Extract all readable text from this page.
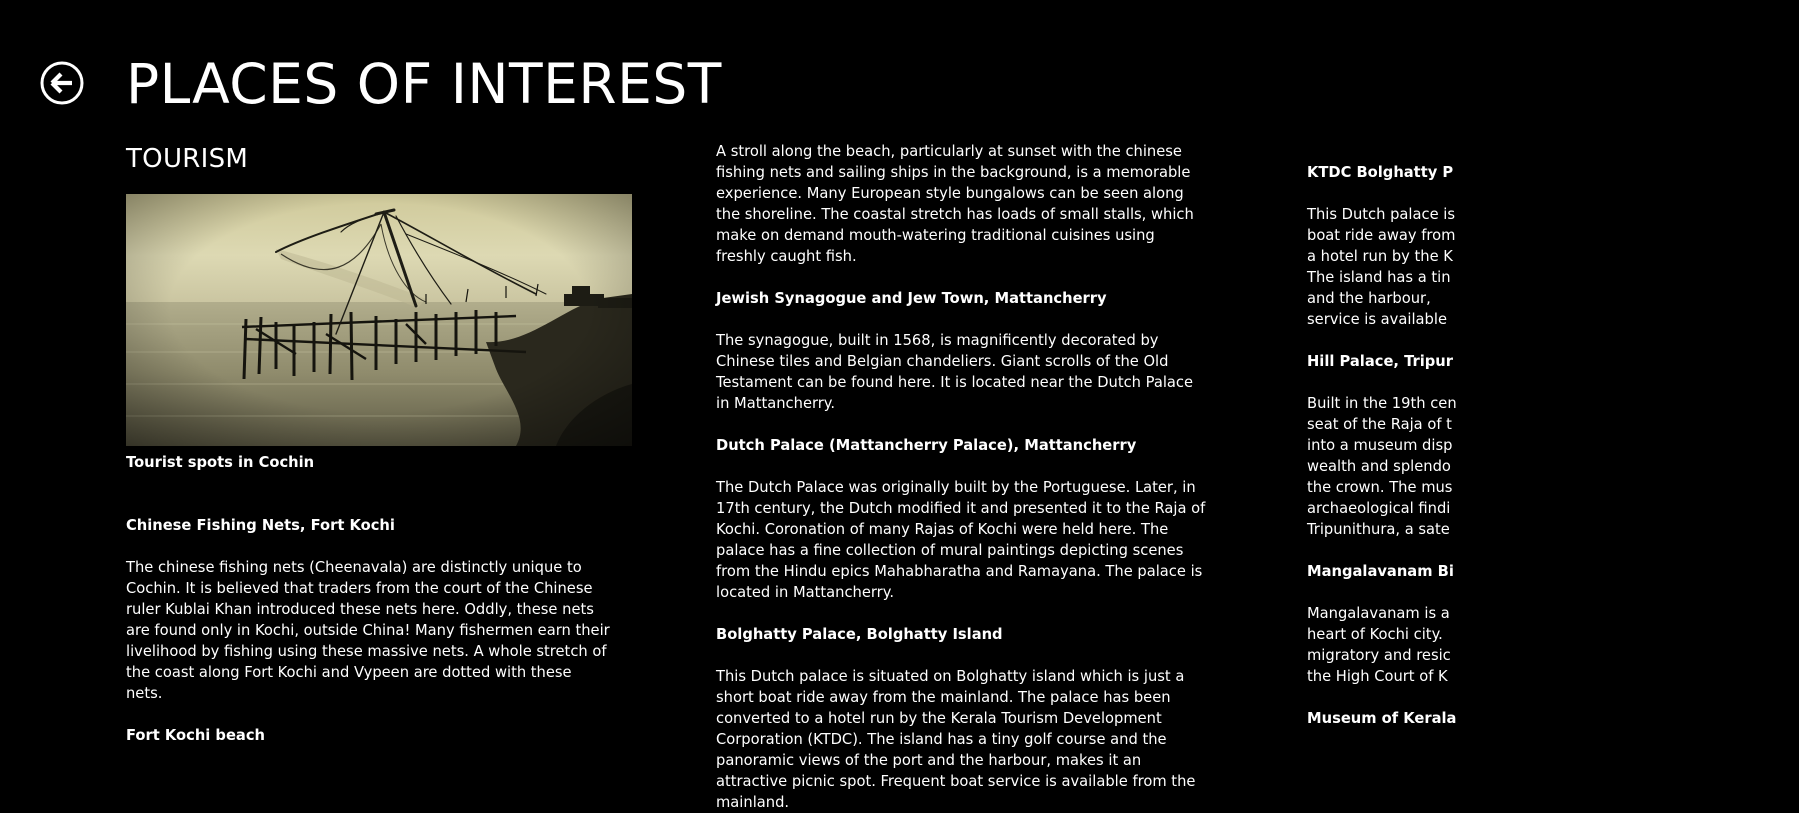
PLACES OF INTEREST
TOURISM

Tourist spots in Cochin

Chinese Fishing Nets, Fort Kochi

The chinese fishing nets (Cheenavala) are distinctly unique to Cochin. It is believed that traders from the court of the Chinese ruler Kublai Khan introduced these nets here. Oddly, these nets are found only in Kochi, outside China! Many fishermen earn their livelihood by fishing using these massive nets. A whole stretch of the coast along Fort Kochi and Vypeen are dotted with these nets.

Fort Kochi beach

A stroll along the beach, particularly at sunset with the chinese fishing nets and sailing ships in the background, is a memorable experience. Many European style bungalows can be seen along the shoreline. The coastal stretch has loads of small stalls, which make on demand mouth-watering traditional cuisines using freshly caught fish.

Jewish Synagogue and Jew Town, Mattancherry

The synagogue, built in 1568, is magnificently decorated by Chinese tiles and Belgian chandeliers. Giant scrolls of the Old Testament can be found here. It is located near the Dutch Palace in Mattancherry.

Dutch Palace (Mattancherry Palace), Mattancherry

The Dutch Palace was originally built by the Portuguese. Later, in 17th century, the Dutch modified it and presented it to the Raja of Kochi. Coronation of many Rajas of Kochi were held here. The palace has a fine collection of mural paintings depicting scenes from the Hindu epics Mahabharatha and Ramayana. The palace is located in Mattancherry.

Bolghatty Palace, Bolghatty Island

This Dutch palace is situated on Bolghatty island which is just a short boat ride away from the mainland. The palace has been converted to a hotel run by the Kerala Tourism Development Corporation (KTDC). The island has a tiny golf course and the panoramic views of the port and the harbour, makes it an attractive picnic spot. Frequent boat service is available from the mainland.

KTDC Bolghatty P

This Dutch palace is
boat ride away from
a hotel run by the K
The island has a tin
and the harbour,
service is available

Hill Palace, Tripur

Built in the 19th cen
seat of the Raja of t
into a museum disp
wealth and splendo
the crown. The mus
archaeological findi
Tripunithura, a sate

Mangalavanam Bi

Mangalavanam is a
heart of Kochi city.
migratory and resic
the High Court of K

Museum of Kerala
